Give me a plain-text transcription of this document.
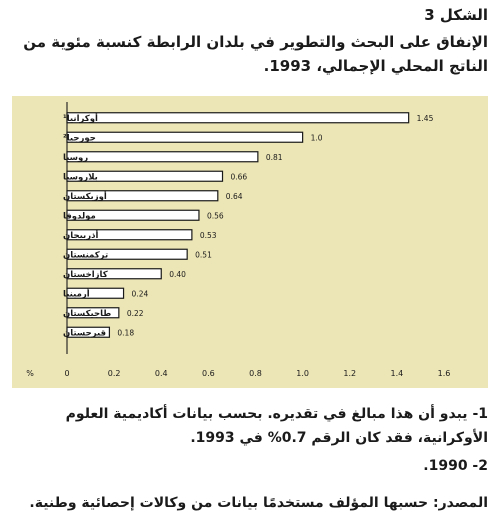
الشكل 3
الإنفاق على البحث والتطوير في بلدان الرابطة كنسبة مئوية من الناتج المحلي الإجمالي، 1993.
أوكرانيا¹	1.45
جورجيا²	1.0
روسيا	0.81
بلاروسيا	0.66
أوزبكستان	0.64
مولدوفا	0.56
أذربيجان	0.53
تركمنستان	0.51
كازاخستان	0.40
أرمينيا	0.24
طاجيكستان 0.22
قيرجستان 0.18
0	0.2	0.4	0.6	0.8	1.0	1.2	1.4	1.6
%
1- يبدو أن هذا مبالغ في تقديره. بحسب بيانات أكاديمية العلوم الأوكرانية، فقد كان الرقم 0.7% في 1993.
2- 1990.
المصدر: حسبها المؤلف مستخدمًا بيانات من وكالات إحصائية وطنية.
